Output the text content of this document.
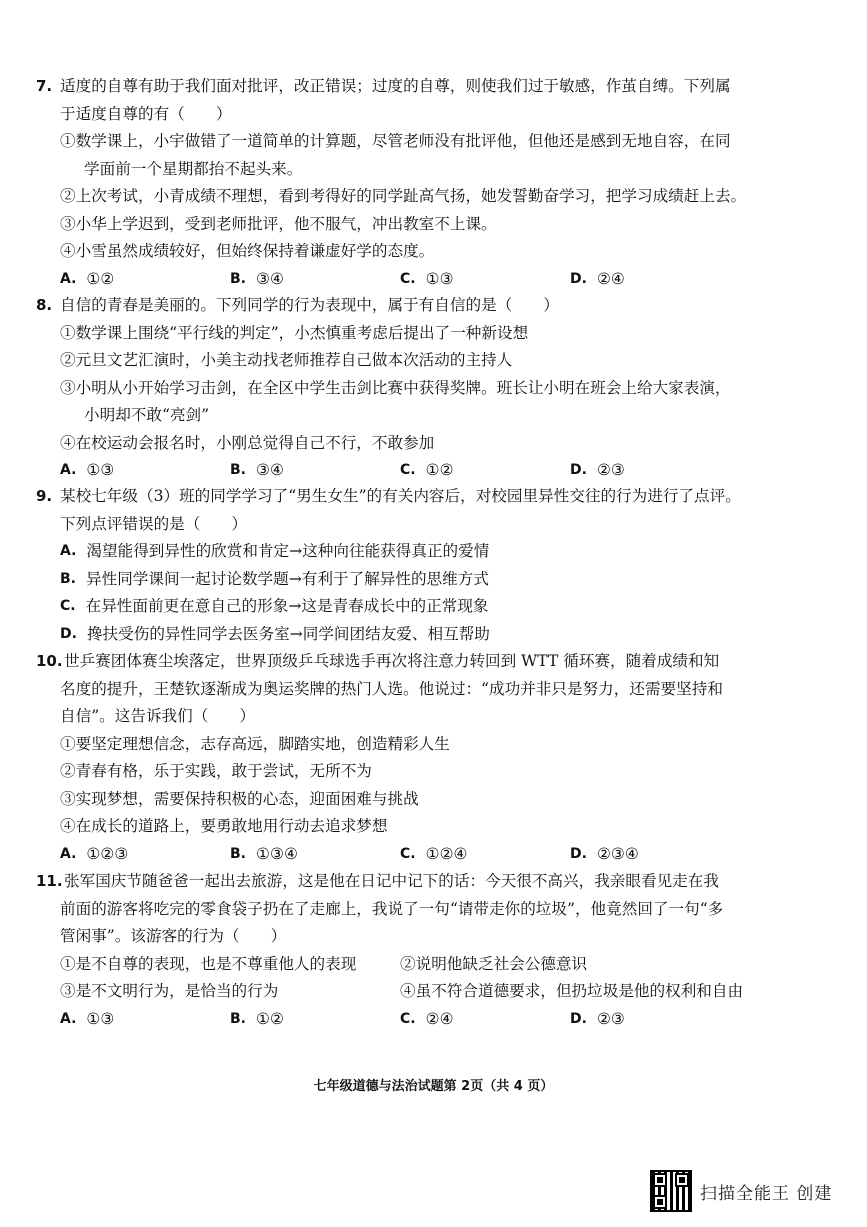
7. 适度的自尊有助于我们面对批评，改正错误；过度的自尊，则使我们过于敏感，作茧自缚。下列属
于适度自尊的有（　　）
①数学课上，小宇做错了一道简单的计算题，尽管老师没有批评他，但他还是感到无地自容，在同
学面前一个星期都抬不起头来。
②上次考试，小青成绩不理想，看到考得好的同学趾高气扬，她发誓勤奋学习，把学习成绩赶上去。
③小华上学迟到，受到老师批评，他不服气，冲出教室不上课。
④小雪虽然成绩较好，但始终保持着谦虚好学的态度。
A. ①②	B. ③④	C. ①③	D. ②④
8. 自信的青春是美丽的。下列同学的行为表现中，属于有自信的是（　　）
①数学课上围绕“平行线的判定”，小杰慎重考虑后提出了一种新设想
②元旦文艺汇演时，小美主动找老师推荐自己做本次活动的主持人
③小明从小开始学习击剑，在全区中学生击剑比赛中获得奖牌。班长让小明在班会上给大家表演，
小明却不敢“亮剑”
④在校运动会报名时，小刚总觉得自己不行，不敢参加
A. ①③	B. ③④	C. ①②	D. ②③
9. 某校七年级（3）班的同学学习了“男生女生”的有关内容后，对校园里异性交往的行为进行了点评。
下列点评错误的是（　　）
A. 渴望能得到异性的欣赏和肯定→这种向往能获得真正的爱情
B. 异性同学课间一起讨论数学题→有利于了解异性的思维方式
C. 在异性面前更在意自己的形象→这是青春成长中的正常现象
D. 搀扶受伤的异性同学去医务室→同学间团结友爱、相互帮助
10.世乒赛团体赛尘埃落定，世界顶级乒乓球选手再次将注意力转回到 WTT 循环赛，随着成绩和知
名度的提升，王楚钦逐渐成为奥运奖牌的热门人选。他说过：“成功并非只是努力，还需要坚持和
自信”。这告诉我们（　　）
①要坚定理想信念，志存高远，脚踏实地，创造精彩人生
②青春有格，乐于实践，敢于尝试，无所不为
③实现梦想，需要保持积极的心态，迎面困难与挑战
④在成长的道路上，要勇敢地用行动去追求梦想
A. ①②③	B. ①③④	C. ①②④	D. ②③④
11.张军国庆节随爸爸一起出去旅游，这是他在日记中记下的话：今天很不高兴，我亲眼看见走在我
前面的游客将吃完的零食袋子扔在了走廊上，我说了一句“请带走你的垃圾”，他竟然回了一句“多
管闲事”。该游客的行为（　　）
①是不自尊的表现，也是不尊重他人的表现	②说明他缺乏社会公德意识
③是不文明行为，是恰当的行为	④虽不符合道德要求，但扔垃圾是他的权利和自由
A. ①③	B. ①②	C. ②④	D. ②③
七年级道德与法治试题第 2页（共 4 页）
扫描全能王 创建
